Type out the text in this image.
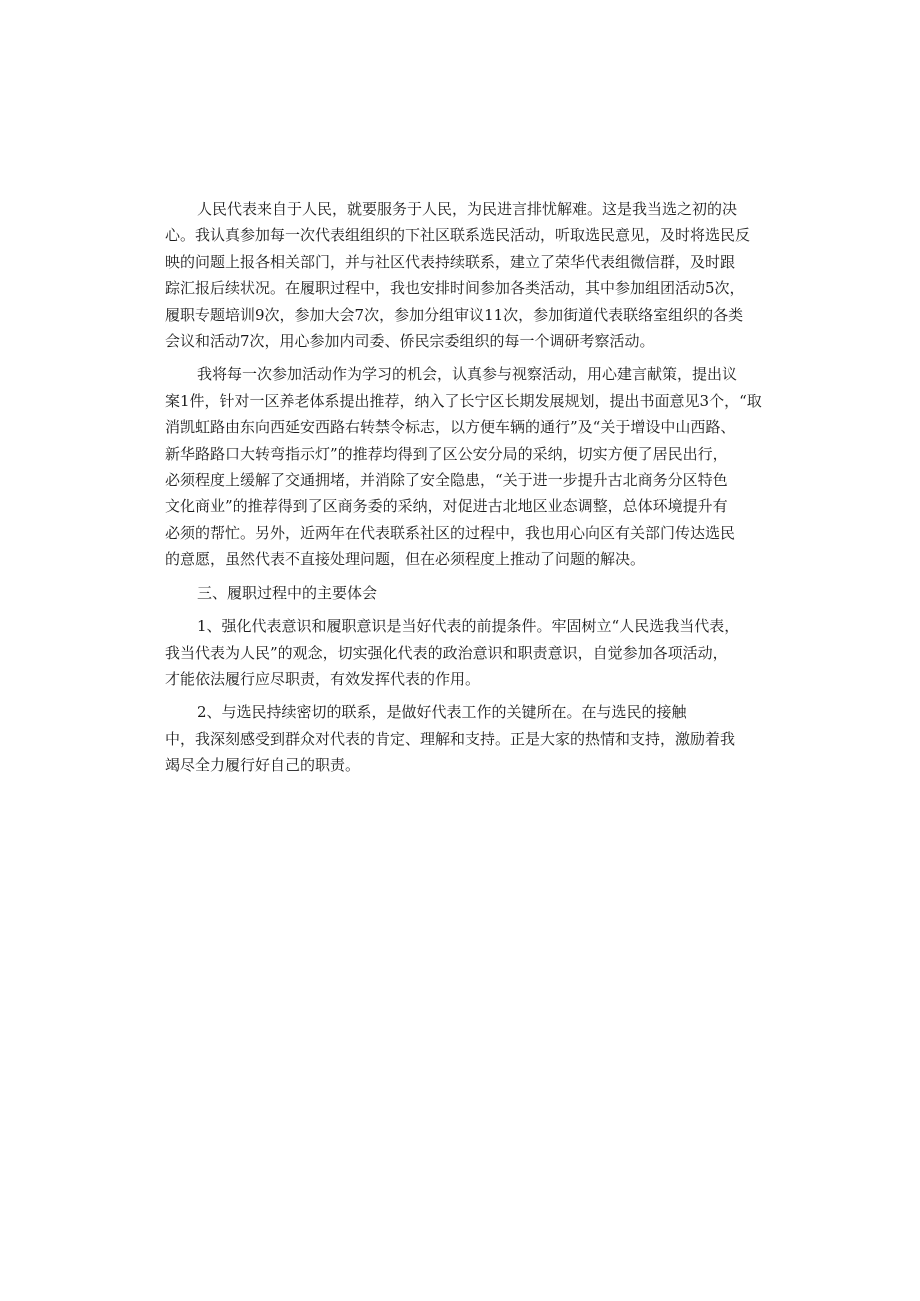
人民代表来自于人民，就要服务于人民，为民进言排忧解难。这是我当选之初的决
心。我认真参加每一次代表组组织的下社区联系选民活动，听取选民意见，及时将选民反
映的问题上报各相关部门，并与社区代表持续联系，建立了荣华代表组微信群，及时跟
踪汇报后续状况。在履职过程中，我也安排时间参加各类活动，其中参加组团活动5次，
履职专题培训9次，参加大会7次，参加分组审议11次，参加街道代表联络室组织的各类
会议和活动7次，用心参加内司委、侨民宗委组织的每一个调研考察活动。
我将每一次参加活动作为学习的机会，认真参与视察活动，用心建言献策，提出议
案1件，针对一区养老体系提出推荐，纳入了长宁区长期发展规划，提出书面意见3个，“取
消凯虹路由东向西延安西路右转禁令标志，以方便车辆的通行”及“关于增设中山西路、
新华路路口大转弯指示灯”的推荐均得到了区公安分局的采纳，切实方便了居民出行，
必须程度上缓解了交通拥堵，并消除了安全隐患，“关于进一步提升古北商务分区特色
文化商业”的推荐得到了区商务委的采纳，对促进古北地区业态调整，总体环境提升有
必须的帮忙。另外，近两年在代表联系社区的过程中，我也用心向区有关部门传达选民
的意愿，虽然代表不直接处理问题，但在必须程度上推动了问题的解决。
三、履职过程中的主要体会
1、强化代表意识和履职意识是当好代表的前提条件。牢固树立“人民选我当代表，
我当代表为人民”的观念，切实强化代表的政治意识和职责意识，自觉参加各项活动，
才能依法履行应尽职责，有效发挥代表的作用。
2、与选民持续密切的联系，是做好代表工作的关键所在。在与选民的接触
中，我深刻感受到群众对代表的肯定、理解和支持。正是大家的热情和支持，激励着我
竭尽全力履行好自己的职责。
